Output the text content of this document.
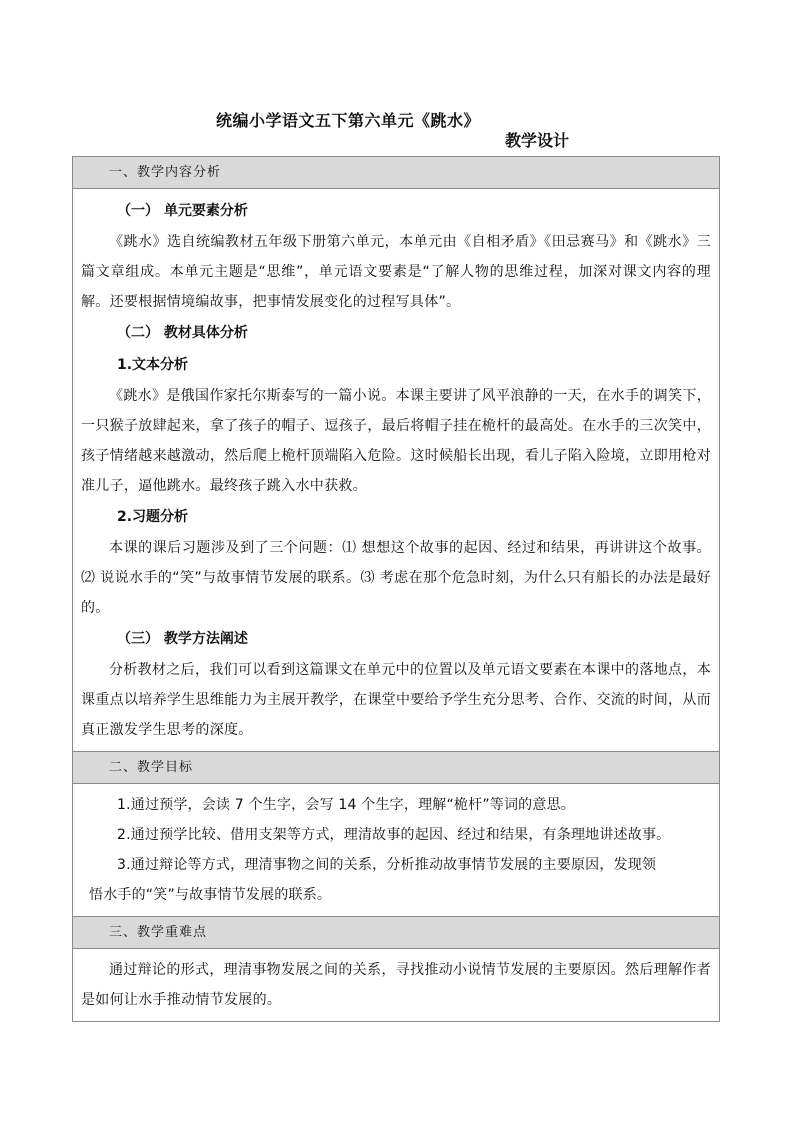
统编小学语文五下第六单元《跳水》
教学设计
一、教学内容分析
（一） 单元要素分析

《跳水》选自统编教材五年级下册第六单元，本单元由《自相矛盾》《田忌赛马》和《跳水》三篇文章组成。本单元主题是“思维”，单元语文要素是“了解人物的思维过程，加深对课文内容的理解。还要根据情境编故事，把事情发展变化的过程写具体”。

（二） 教材具体分析
1.文本分析

《跳水》是俄国作家托尔斯泰写的一篇小说。本课主要讲了风平浪静的一天，在水手的调笑下，一只猴子放肆起来，拿了孩子的帽子、逗孩子，最后将帽子挂在桅杆的最高处。在水手的三次笑中，孩子情绪越来越激动，然后爬上桅杆顶端陷入危险。这时候船长出现，看儿子陷入险境，立即用枪对准儿子，逼他跳水。最终孩子跳入水中获救。

2.习题分析

本课的课后习题涉及到了三个问题：⑴ 想想这个故事的起因、经过和结果，再讲讲这个故事。⑵ 说说水手的“笑”与故事情节发展的联系。⑶ 考虑在那个危急时刻，为什么只有船长的办法是最好的。

（三） 教学方法阐述

分析教材之后，我们可以看到这篇课文在单元中的位置以及单元语文要素在本课中的落地点，本课重点以培养学生思维能力为主展开教学，在课堂中要给予学生充分思考、合作、交流的时间，从而真正激发学生思考的深度。

二、教学目标

1.通过预学，会读 7 个生字，会写 14 个生字，理解“桅杆”等词的意思。

2.通过预学比较、借用支架等方式，理清故事的起因、经过和结果，有条理地讲述故事。

3.通过辩论等方式，理清事物之间的关系，分析推动故事情节发展的主要原因，发现领

悟水手的“笑”与故事情节发展的联系。

三、教学重难点

通过辩论的形式，理清事物发展之间的关系，寻找推动小说情节发展的主要原因。然后理解作者是如何让水手推动情节发展的。
